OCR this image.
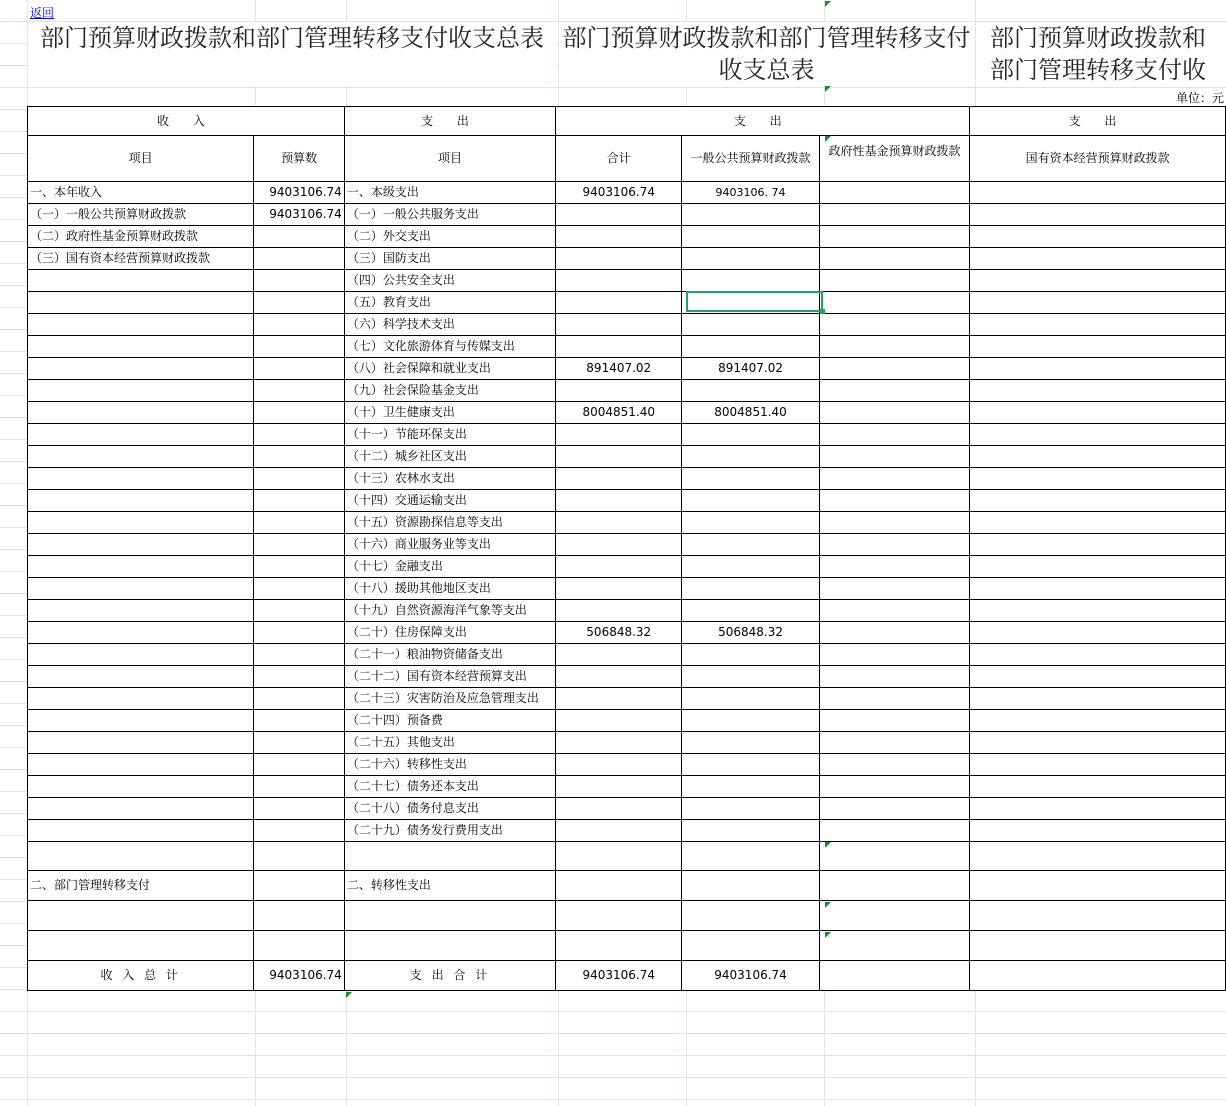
返回
部门预算财政拨款和部门管理转移支付收支总表 部门预算财政拨款和部门管理转移支付收支总表
部门预算财政拨款和部门管理转移支付收
单位：元
收 入		支 出	支 出			支 出
项目	预算数	项目	合计	一般公共预算财政拨款	政府性基金预算财政拨款	国有资本经营预算财政拨款
一、本年收入	9403106.74	一、本级支出	9403106.74	9403106. 74		
（一）一般公共预算财政拨款	9403106.74	（一）一般公共服务支出				
（二）政府性基金预算财政拨款		（二）外交支出				
（三）国有资本经营预算财政拨款		（三）国防支出				
		（四）公共安全支出				
		（五）教育支出				
		（六）科学技术支出				
		（七）文化旅游体育与传媒支出				
		（八）社会保障和就业支出	891407.02	891407.02		
		（九）社会保险基金支出				
		（十）卫生健康支出	8004851.40	8004851.40		
		（十一）节能环保支出				
		（十二）城乡社区支出				
		（十三）农林水支出				
		（十四）交通运输支出				
		（十五）资源勘探信息等支出				
		（十六）商业服务业等支出				
		（十七）金融支出				
		（十八）援助其他地区支出				
		（十九）自然资源海洋气象等支出				
		（二十）住房保障支出	506848.32	506848.32		
		（二十一）粮油物资储备支出				
		（二十二）国有资本经营预算支出				
		（二十三）灾害防治及应急管理支出				
		（二十四）预备费				
		（二十五）其他支出				
		（二十六）转移性支出				
		（二十七）债务还本支出				
		（二十八）债务付息支出				
		（二十九）债务发行费用支出				

二、部门管理转移支付		二、转移性支出				

收 入 总 计	9403106.74	支 出 合 计	9403106.74	9403106.74		
